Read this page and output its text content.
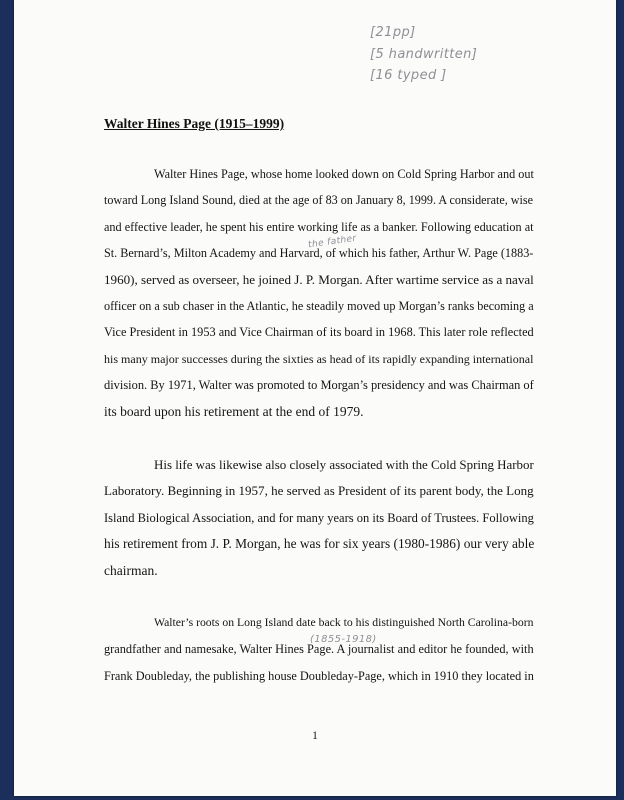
[21pp]
[5 handwritten]
[16 typed ]
Walter Hines Page (1915–1999)
the father
(1855-1918)
Walter Hines Page, whose home looked down on Cold Spring Harbor and out
toward Long Island Sound, died at the age of 83 on January 8, 1999. A considerate, wise
and effective leader, he spent his entire working life as a banker. Following education at
St. Bernard’s, Milton Academy and Harvard, of which his father, Arthur W. Page (1883-
1960), served as overseer, he joined J. P. Morgan. After wartime service as a naval
officer on a sub chaser in the Atlantic, he steadily moved up Morgan’s ranks becoming a
Vice President in 1953 and Vice Chairman of its board in 1968. This later role reflected
his many major successes during the sixties as head of its rapidly expanding international
division. By 1971, Walter was promoted to Morgan’s presidency and was Chairman of
its board upon his retirement at the end of 1979.
His life was likewise also closely associated with the Cold Spring Harbor
Laboratory. Beginning in 1957, he served as President of its parent body, the Long
Island Biological Association, and for many years on its Board of Trustees. Following
his retirement from J. P. Morgan, he was for six years (1980-1986) our very able
chairman.
Walter’s roots on Long Island date back to his distinguished North Carolina-born
grandfather and namesake, Walter Hines Page. A journalist and editor he founded, with
Frank Doubleday, the publishing house Doubleday-Page, which in 1910 they located in
1
